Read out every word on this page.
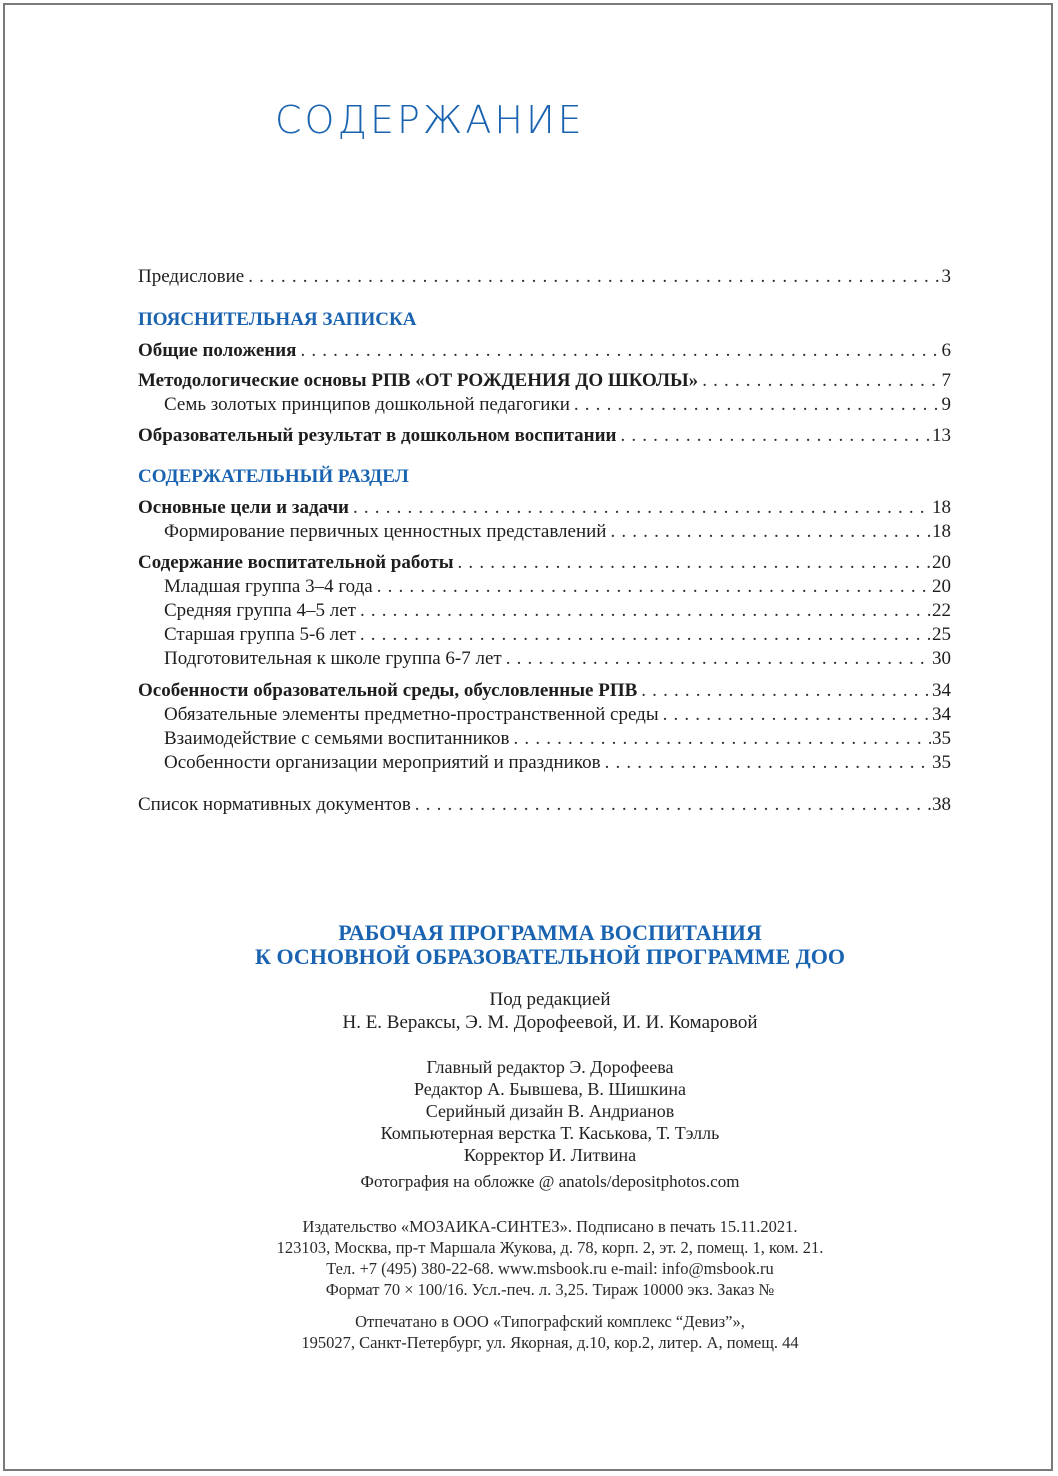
СОДЕРЖАНИЕ
Предисловие . . .	3
ПОЯСНИТЕЛЬНАЯ ЗАПИСКА
Общие положения . . .	6
Методологические основы РПВ «ОТ РОЖДЕНИЯ ДО ШКОЛЫ» . . .	7
Семь золотых принципов дошкольной педагогики . . .	9
Образовательный результат в дошкольном воспитании . . .	13
СОДЕРЖАТЕЛЬНЫЙ РАЗДЕЛ
Основные цели и задачи . . .	18
Формирование первичных ценностных представлений . . .	18
Содержание воспитательной работы . . .	20
Младшая группа 3–4 года . . .	20
Средняя группа 4–5 лет . . .	22
Старшая группа 5-6 лет . . .	25
Подготовительная к школе группа 6-7 лет . . .	30
Особенности образовательной среды, обусловленные РПВ . . .	34
Обязательные элементы предметно-пространственной среды . . .	34
Взаимодействие с семьями воспитанников . . .	35
Особенности организации мероприятий и праздников . . .	35
Список нормативных документов . . .	38
РАБОЧАЯ ПРОГРАММА ВОСПИТАНИЯ
К ОСНОВНОЙ ОБРАЗОВАТЕЛЬНОЙ ПРОГРАММЕ ДОО
Под редакцией
Н. Е. Вераксы, Э. М. Дорофеевой, И. И. Комаровой
Главный редактор Э. Дорофеева
Редактор А. Бывшева, В. Шишкина
Серийный дизайн В. Андрианов
Компьютерная верстка Т. Каськова, Т. Тэлль
Корректор И. Литвина
Фотография на обложке @ anatols/depositphotos.com
Издательство «МОЗАИКА-СИНТЕЗ». Подписано в печать 15.11.2021.
123103, Москва, пр-т Маршала Жукова, д. 78, корп. 2, эт. 2, помещ. 1, ком. 21.
Тел. +7 (495) 380-22-68. www.msbook.ru e-mail: info@msbook.ru
Формат 70 × 100/16. Усл.-печ. л. 3,25. Тираж 10000 экз. Заказ №
Отпечатано в ООО «Типографский комплекс “Девиз”»,
195027, Санкт-Петербург, ул. Якорная, д.10, кор.2, литер. А, помещ. 44
